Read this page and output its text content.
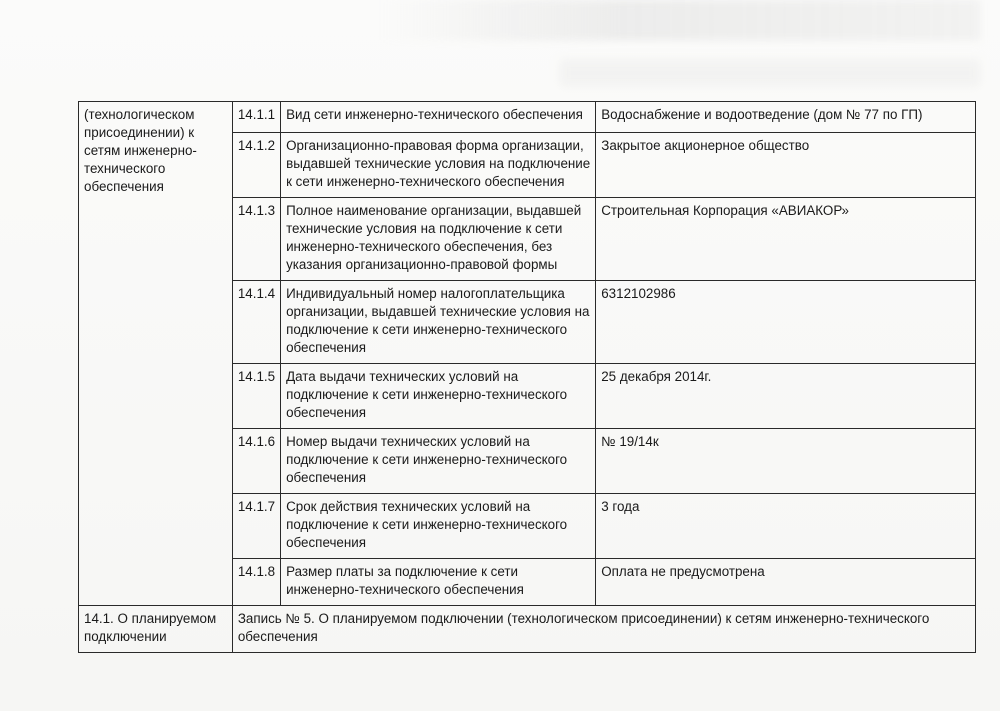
(технологическом присоединении) к сетям инженерно-технического обеспечения	14.1.1	Вид сети инженерно-технического обеспечения	Водоснабжение и водоотведение (дом № 77 по ГП)
	14.1.2	Организационно-правовая форма организации, выдавшей технические условия на подключение к сети инженерно-технического обеспечения	Закрытое акционерное общество
	14.1.3	Полное наименование организации, выдавшей технические условия на подключение к сети инженерно-технического обеспечения, без указания организационно-правовой формы	Строительная Корпорация «АВИАКОР»
	14.1.4	Индивидуальный номер налогоплательщика организации, выдавшей технические условия на подключение к сети инженерно-технического обеспечения	6312102986
	14.1.5	Дата выдачи технических условий на подключение к сети инженерно-технического обеспечения	25 декабря 2014г.
	14.1.6	Номер выдачи технических условий на подключение к сети инженерно-технического обеспечения	№ 19/14к
	14.1.7	Срок действия технических условий на подключение к сети инженерно-технического обеспечения	3 года
	14.1.8	Размер платы за подключение к сети инженерно-технического обеспечения	Оплата не предусмотрена
14.1. О планируемом подключении	Запись № 5. О планируемом подключении (технологическом присоединении) к сетям инженерно-технического обеспечения		
